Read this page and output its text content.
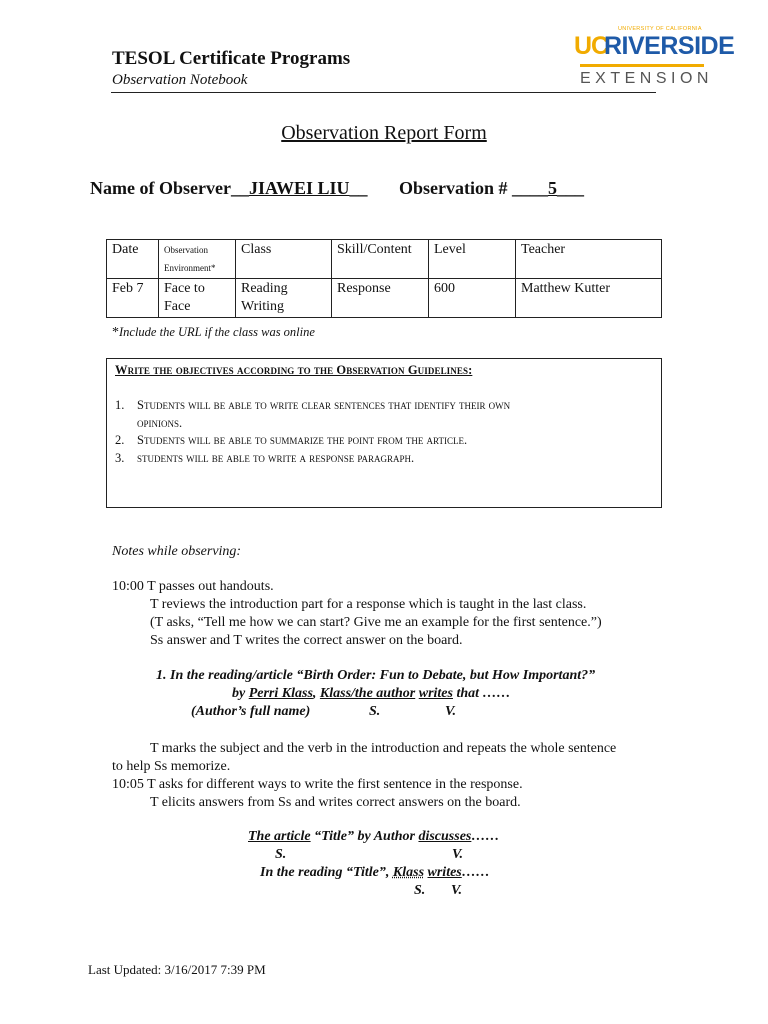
TESOL Certificate Programs
Observation Notebook
UNIVERSITY OF CALIFORNIA
UC
RIVERSIDE
EXTENSION
Observation Report Form
Name of Observer__JIAWEI LIU__       Observation # ____5___
Date	Observation Environment*	Class	Skill/Content	Level	Teacher
Feb 7	Face to Face	Reading Writing	Response	600	Matthew Kutter
*Include the URL if the class was online
Write the objectives according to the Observation Guidelines:
1.	Students will be able to write clear sentences that identify their own
opinions.
2.	Students will be able to summarize the point from the article.
3.	students will be able to write a response paragraph.
Notes while observing:
10:00 T passes out handouts.
T reviews the introduction part for a response which is taught in the last class.
(T asks, “Tell me how we can start? Give me an example for the first sentence.”)
Ss answer and T writes the correct answer on the board.
1. In the reading/article “Birth Order: Fun to Debate, but How Important?”
by Perri Klass, Klass/the author writes that ……
(Author’s full name)	S.	V.
T marks the subject and the verb in the introduction and repeats the whole sentence
to help Ss memorize.
10:05 T asks for different ways to write the first sentence in the response.
T elicits answers from Ss and writes correct answers on the board.
The article “Title” by Author discusses……
S.	V.
In the reading “Title”, Klass writes……
S. V.
Last Updated: 3/16/2017 7:39 PM
